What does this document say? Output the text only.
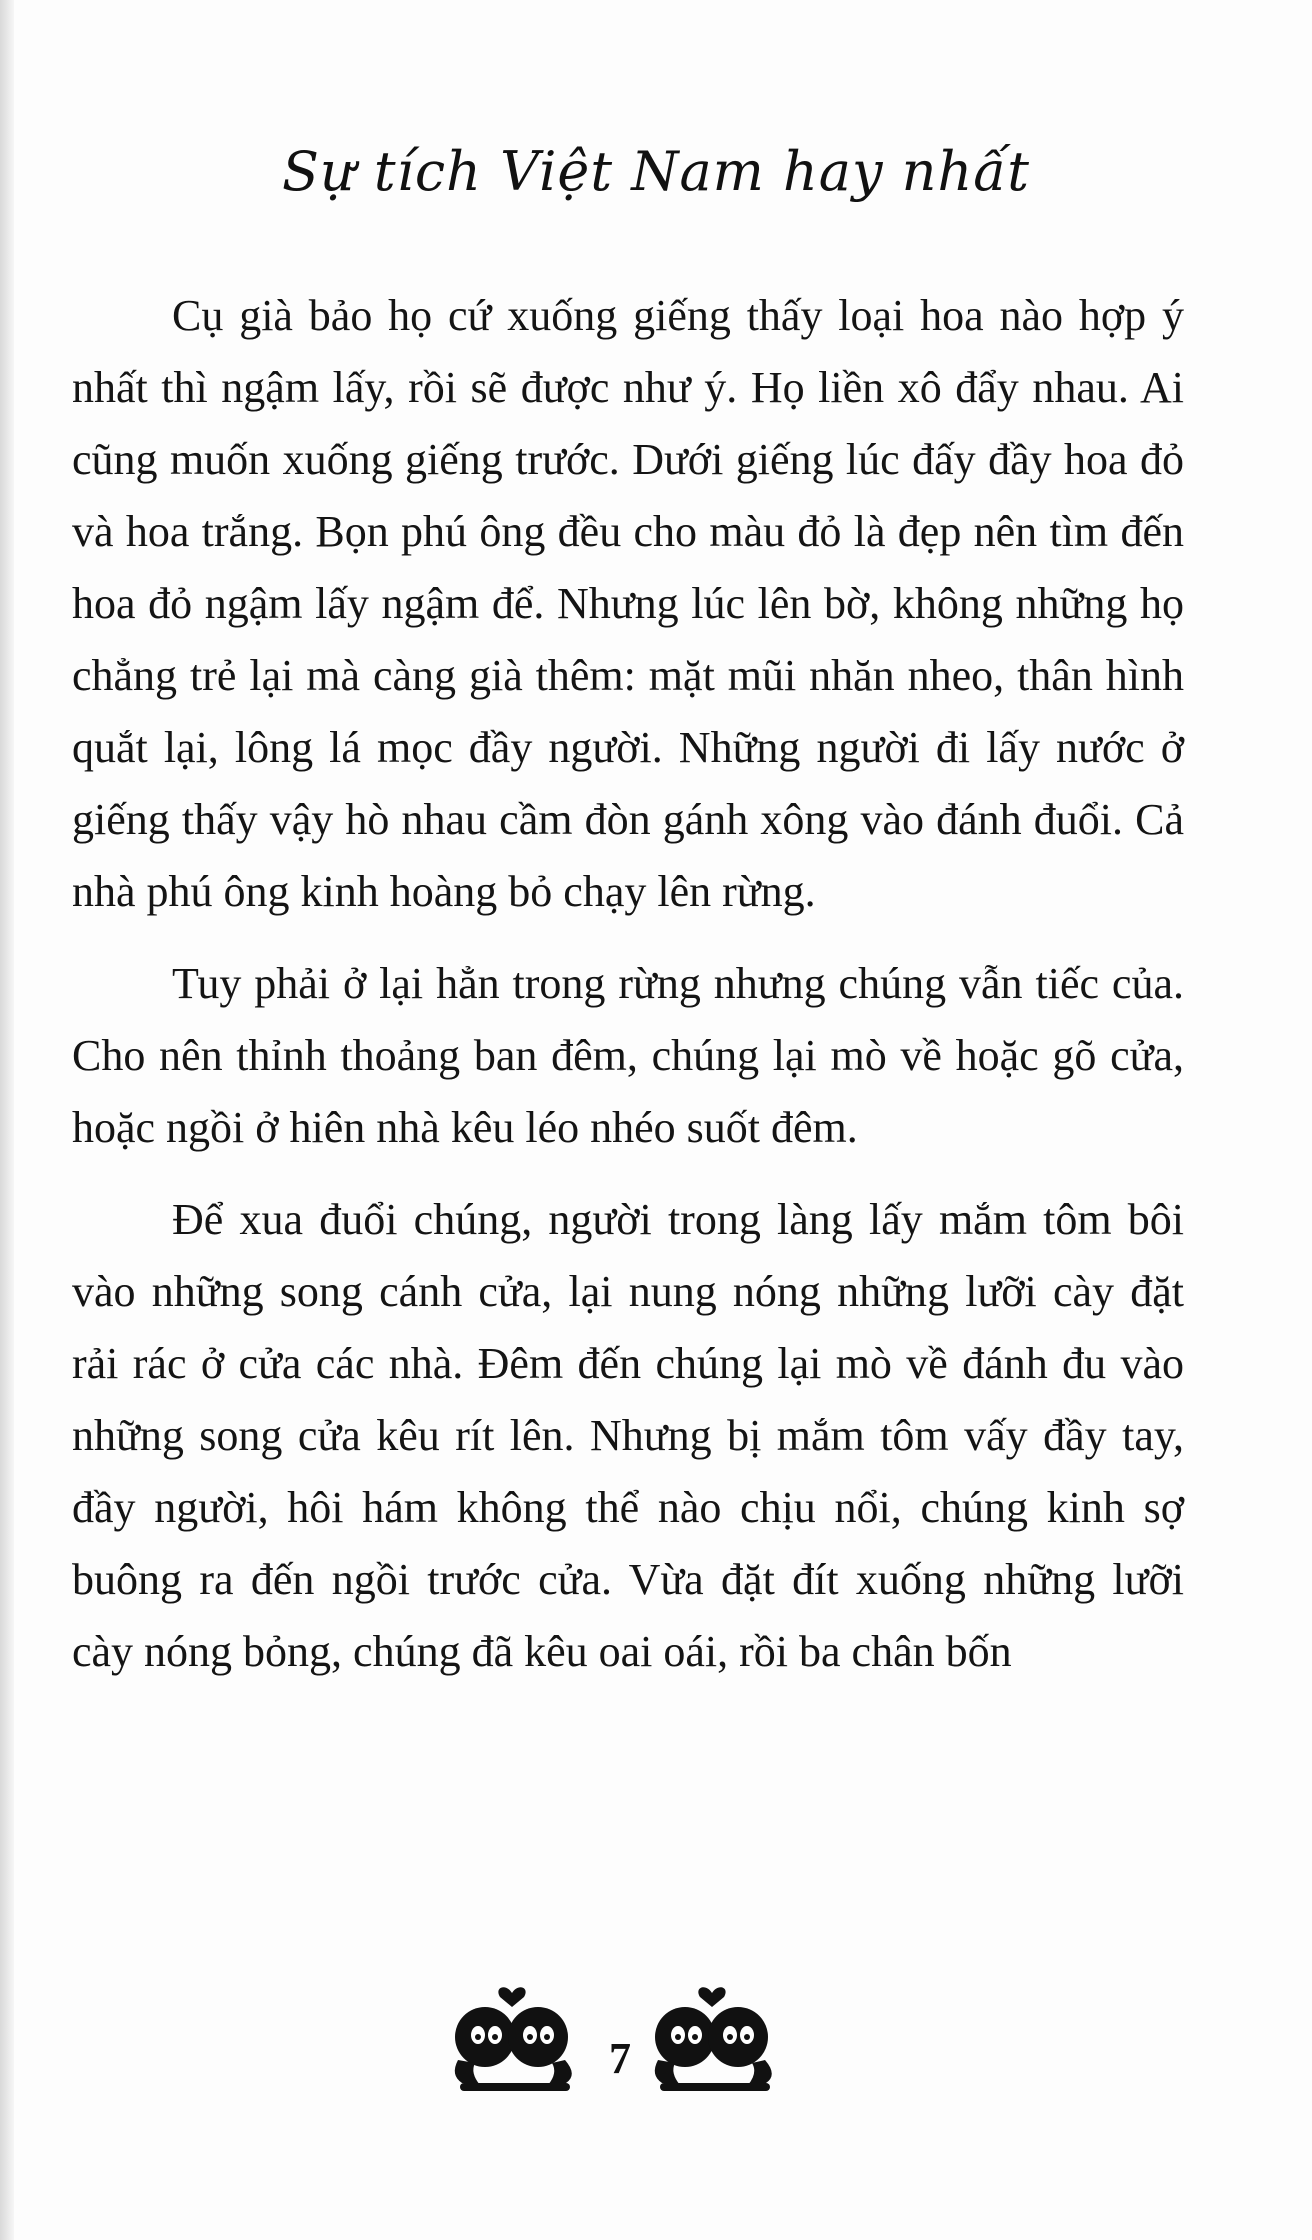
Sự tích Việt Nam hay nhất

Cụ già bảo họ cứ xuống giếng thấy loại hoa nào hợp ý nhất thì ngậm lấy, rồi sẽ được như ý. Họ liền xô đẩy nhau. Ai cũng muốn xuống giếng trước. Dưới giếng lúc đấy đầy hoa đỏ và hoa trắng. Bọn phú ông đều cho màu đỏ là đẹp nên tìm đến hoa đỏ ngậm lấy ngậm để. Nhưng lúc lên bờ, không những họ chẳng trẻ lại mà càng già thêm: mặt mũi nhăn nheo, thân hình quắt lại, lông lá mọc đầy người. Những người đi lấy nước ở giếng thấy vậy hò nhau cầm đòn gánh xông vào đánh đuổi. Cả nhà phú ông kinh hoàng bỏ chạy lên rừng.

Tuy phải ở lại hẳn trong rừng nhưng chúng vẫn tiếc của. Cho nên thỉnh thoảng ban đêm, chúng lại mò về hoặc gõ cửa, hoặc ngồi ở hiên nhà kêu léo nhéo suốt đêm.

Để xua đuổi chúng, người trong làng lấy mắm tôm bôi vào những song cánh cửa, lại nung nóng những lưỡi cày đặt rải rác ở cửa các nhà. Đêm đến chúng lại mò về đánh đu vào những song cửa kêu rít lên. Nhưng bị mắm tôm vấy đầy tay, đầy người, hôi hám không thể nào chịu nổi, chúng kinh sợ buông ra đến ngồi trước cửa. Vừa đặt đít xuống những lưỡi cày nóng bỏng, chúng đã kêu oai oái, rồi ba chân bốn

7
